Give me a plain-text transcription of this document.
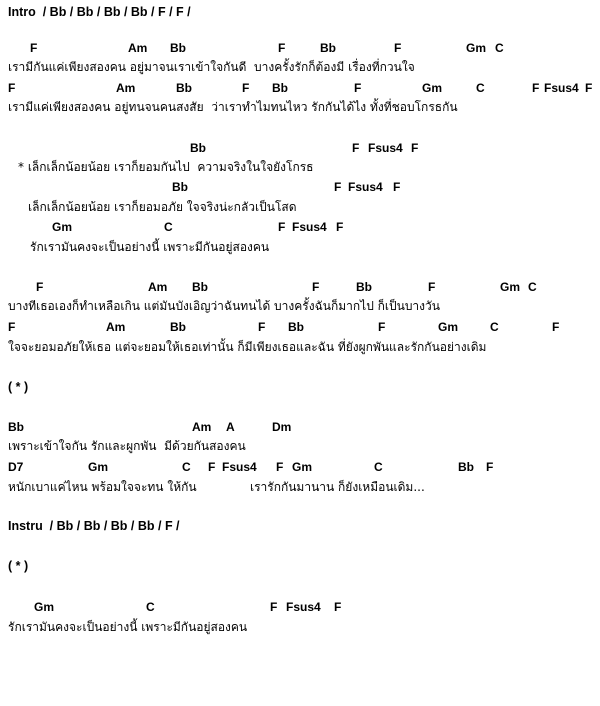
Intro  / Bb / Bb / Bb / Bb / F / F /

F

	Am

Bb

	F

	Bb

	F

	Gm

C

เรามีกันแค่เพียงสองคน อยู่มาจนเราเข้าใจกันดี  บางครั้งรักก็ต้องมี เรื่องที่กวนใจ

F

	Am

	Bb

	F

Bb

	F

	Gm

	C

	F

Fsus4

F

เรามีแค่เพียงสองคน อยู่ทนจนคนสงสัย  ว่าเราทำไมทนไหว รักกันได้ไง ทั้งที่ชอบโกรธกัน

Bb

	F

Fsus4

F

* เล็กเล็กน้อยน้อย เราก็ยอมกันไป  ความจริงในใจยังโกรธ

Bb

	F

Fsus4

F

เล็กเล็กน้อยน้อย เราก็ยอมอภัย ใจจริงน่ะกลัวเป็นโสด

Gm

	C

	F

Fsus4

F

รักเรามันคงจะเป็นอย่างนี้ เพราะมีกันอยู่สองคน

F

	Am

Bb

	F

	Bb

	F

	Gm

C

บางทีเธอเองก็ทำเหลือเกิน แต่มันบังเอิญว่าฉันทนได้ บางครั้งฉันก็มากไป ก็เป็นบางวัน

F

	Am

	Bb

	F

Bb

	F

	Gm

	C

	F

ใจจะยอมอภัยให้เธอ แต่จะยอมให้เธอเท่านั้น ก็มีเพียงเธอและฉัน ที่ยังผูกพันและรักกันอย่างเดิม
( * )

Bb

	Am

A

	Dm

เพราะเข้าใจกัน รักและผูกพัน  มีด้วยกันสองคน

D7

	Gm

	C

F

Fsus4

F

Gm

	C

	Bb

F

หนักเบาแค่ไหน พร้อมใจจะทน ให้กัน              เรารักกันมานาน ก็ยังเหมือนเดิม...
Instru  / Bb / Bb / Bb / Bb / F /
( * )

Gm

	C

	F

Fsus4

F

รักเรามันคงจะเป็นอย่างนี้ เพราะมีกันอยู่สองคน
